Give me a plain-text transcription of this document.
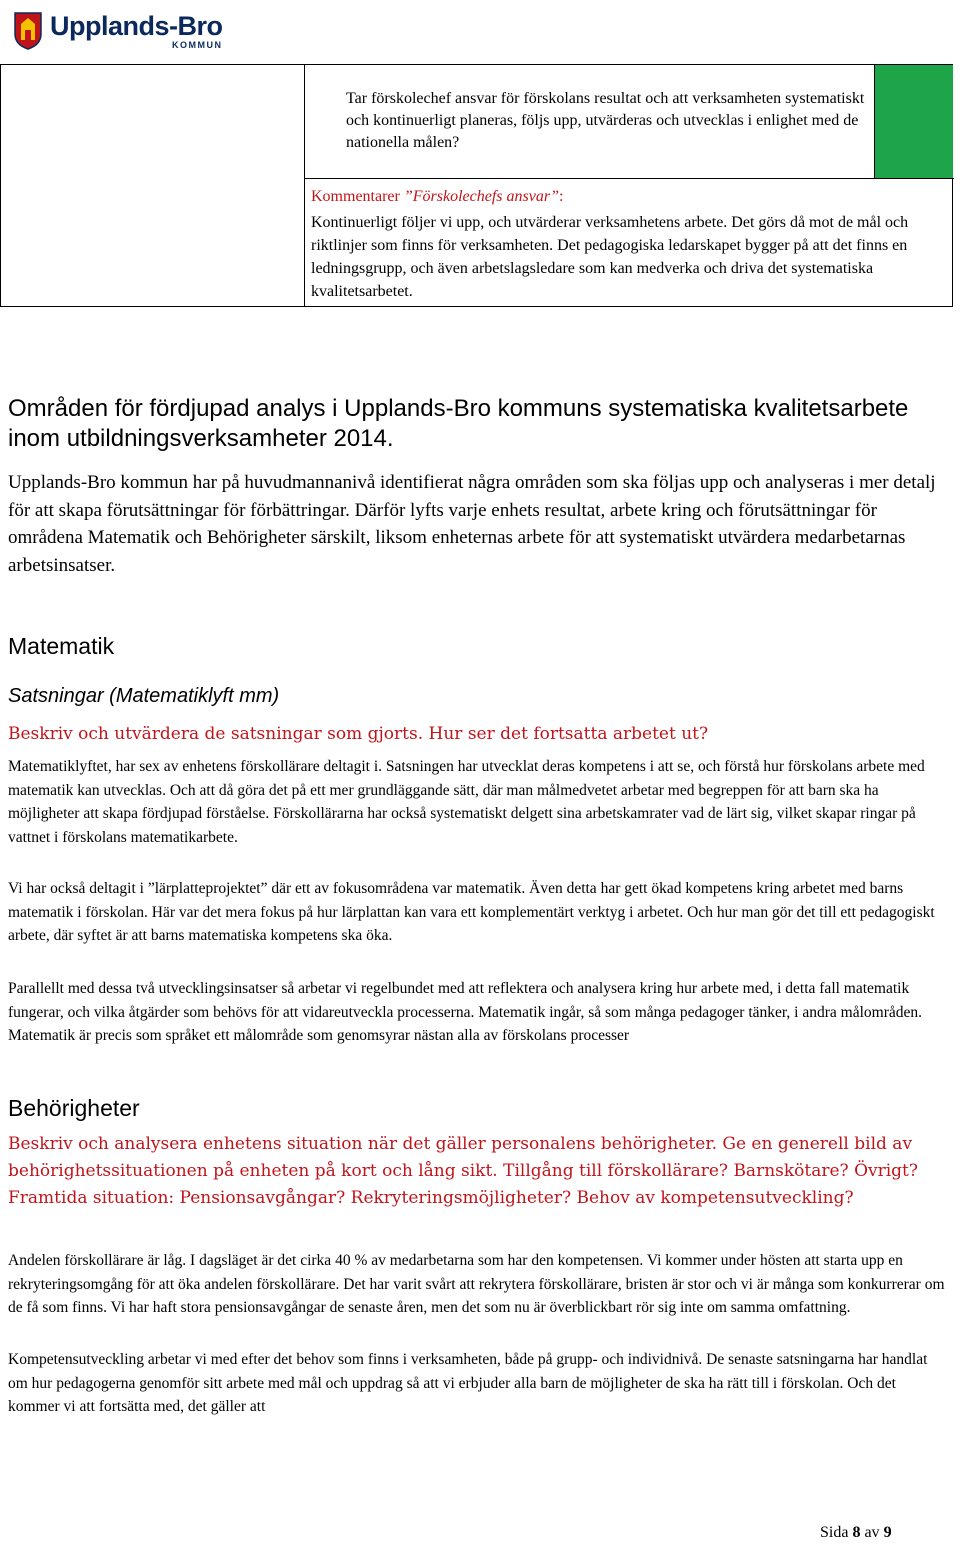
Upplands-Bro
KOMMUN
Tar förskolechef ansvar för förskolans resultat och att verksamheten systematiskt och kontinuerligt planeras, följs upp, utvärderas och utvecklas i enlighet med de nationella målen?
Kommentarer ”Förskolechefs ansvar”:
Kontinuerligt följer vi upp, och utvärderar verksamhetens arbete. Det görs då mot de mål och riktlinjer som finns för verksamheten. Det pedagogiska ledarskapet bygger på att det finns en ledningsgrupp, och även arbetslagsledare som kan medverka och driva det systematiska kvalitetsarbetet.
Områden för fördjupad analys i Upplands-Bro kommuns systematiska kvalitetsarbete inom utbildningsverksamheter 2014.
Upplands-Bro kommun har på huvudmannanivå identifierat några områden som ska följas upp och analyseras i mer detalj för att skapa förutsättningar för förbättringar. Därför lyfts varje enhets resultat, arbete kring och förutsättningar för områdena Matematik och Behörigheter särskilt, liksom enheternas arbete för att systematiskt utvärdera medarbetarnas arbetsinsatser.
Matematik
Satsningar (Matematiklyft mm)
Beskriv och utvärdera de satsningar som gjorts. Hur ser det fortsatta arbetet ut?
Matematiklyftet, har sex av enhetens förskollärare deltagit i. Satsningen har utvecklat deras kompetens i att se, och förstå hur förskolans arbete med matematik kan utvecklas. Och att då göra det på ett mer grundläggande sätt, där man målmedvetet arbetar med begreppen för att barn ska ha möjligheter att skapa fördjupad förståelse. Förskollärarna har också systematiskt delgett sina arbetskamrater vad de lärt sig, vilket skapar ringar på vattnet i förskolans matematikarbete.
Vi har också deltagit i ”lärplatteprojektet” där ett av fokusområdena var matematik. Även detta har gett ökad kompetens kring arbetet med barns matematik i förskolan. Här var det mera fokus på hur lärplattan kan vara ett komplementärt verktyg i arbetet. Och hur man gör det till ett pedagogiskt arbete, där syftet är att barns matematiska kompetens ska öka.
Parallellt med dessa två utvecklingsinsatser så arbetar vi regelbundet med att reflektera och analysera kring hur arbete med, i detta fall matematik fungerar, och vilka åtgärder som behövs för att vidareutveckla processerna. Matematik ingår, så som många pedagoger tänker, i andra målområden. Matematik är precis som språket ett målområde som genomsyrar nästan alla av förskolans processer
Behörigheter
Beskriv och analysera enhetens situation när det gäller personalens behörigheter. Ge en generell bild av behörighetssituationen på enheten på kort och lång sikt. Tillgång till förskollärare? Barnskötare? Övrigt? Framtida situation: Pensionsavgångar? Rekryteringsmöjligheter? Behov av kompetensutveckling?
Andelen förskollärare är låg. I dagsläget är det cirka 40 % av medarbetarna som har den kompetensen. Vi kommer under hösten att starta upp en rekryteringsomgång för att öka andelen förskollärare. Det har varit svårt att rekrytera förskollärare, bristen är stor och vi är många som konkurrerar om de få som finns. Vi har haft stora pensionsavgångar de senaste åren, men det som nu är överblickbart rör sig inte om samma omfattning.
Kompetensutveckling arbetar vi med efter det behov som finns i verksamheten, både på grupp- och individnivå. De senaste satsningarna har handlat om hur pedagogerna genomför sitt arbete med mål och uppdrag så att vi erbjuder alla barn de möjligheter de ska ha rätt till i förskolan. Och det kommer vi att fortsätta med, det gäller att
Sida 8 av 9
